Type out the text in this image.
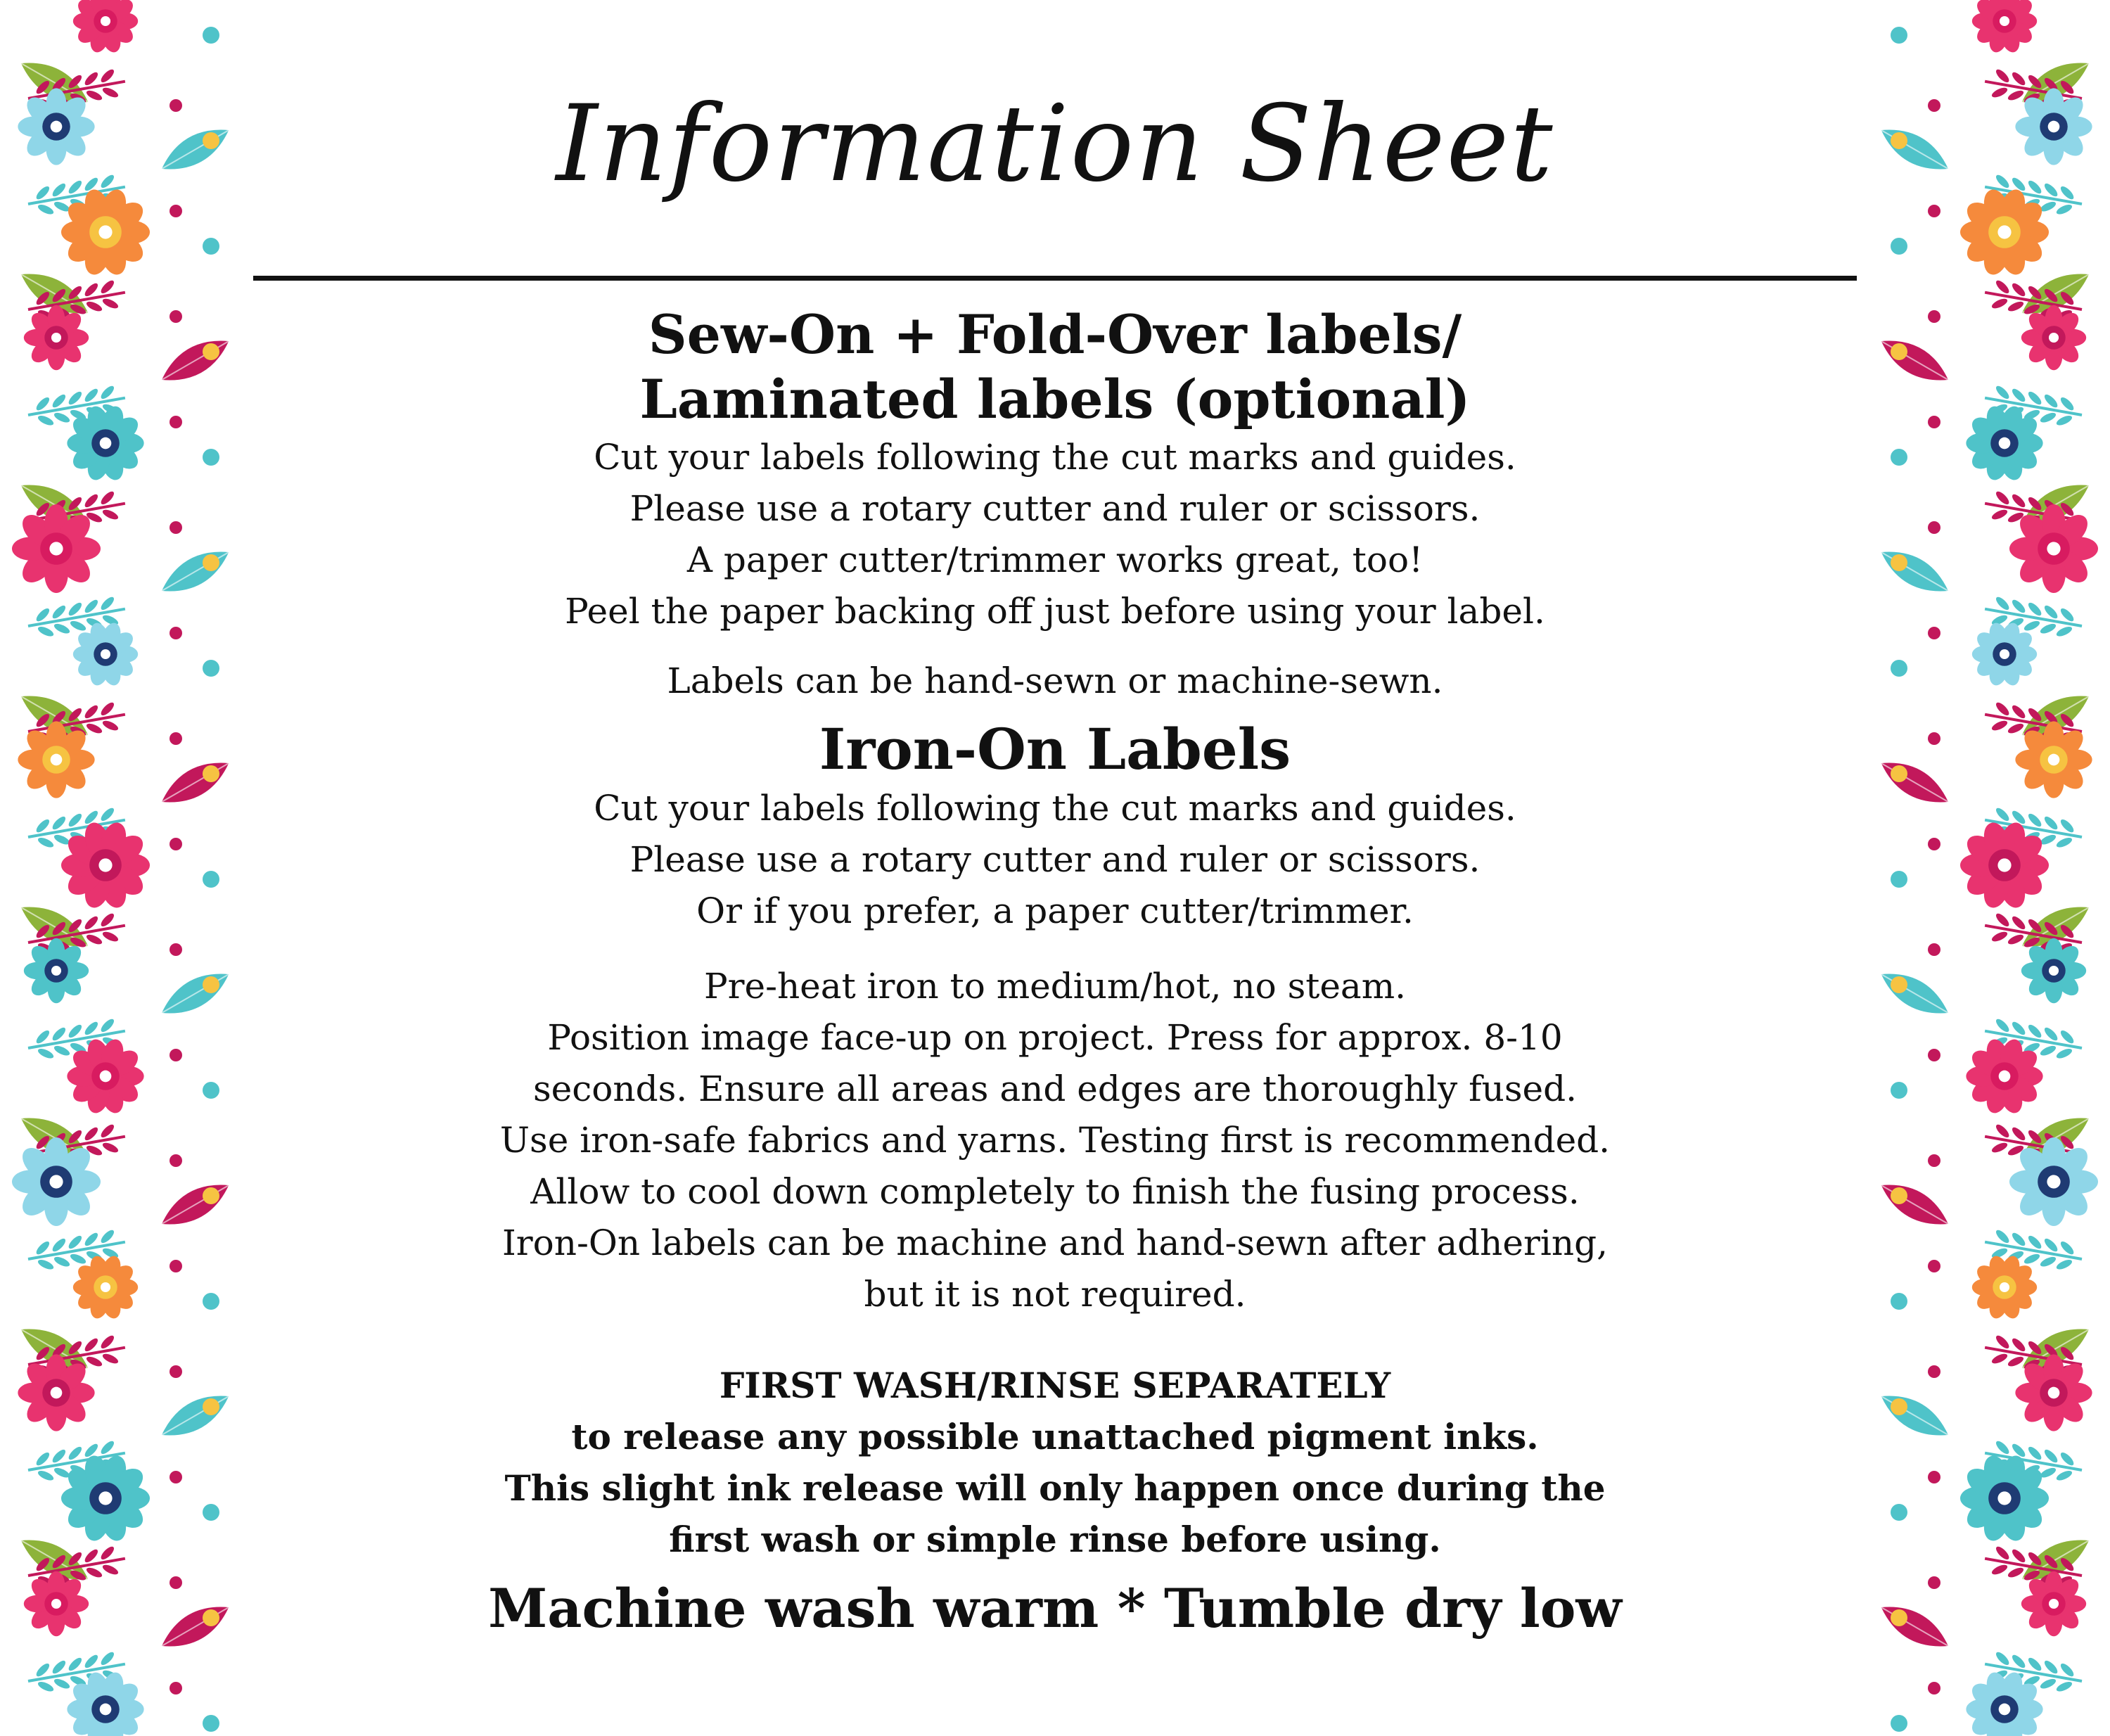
Information Sheet
Sew-On + Fold-Over labels/
Laminated labels (optional)
Cut your labels following the cut marks and guides.
Please use a rotary cutter and ruler or scissors.
A paper cutter/trimmer works great, too!
Peel the paper backing off just before using your label.
Labels can be hand-sewn or machine-sewn.
Iron-On Labels
Cut your labels following the cut marks and guides.
Please use a rotary cutter and ruler or scissors.
Or if you prefer, a paper cutter/trimmer.
Pre-heat iron to medium/hot, no steam.
Position image face-up on project. Press for approx. 8-10
seconds. Ensure all areas and edges are thoroughly fused.
Use iron-safe fabrics and yarns. Testing first is recommended.
Allow to cool down completely to finish the fusing process.
Iron-On labels can be machine and hand-sewn after adhering,
but it is not required.
FIRST WASH/RINSE SEPARATELY
to release any possible unattached pigment inks.
This slight ink release will only happen once during the
first wash or simple rinse before using.
Machine wash warm * Tumble dry low
